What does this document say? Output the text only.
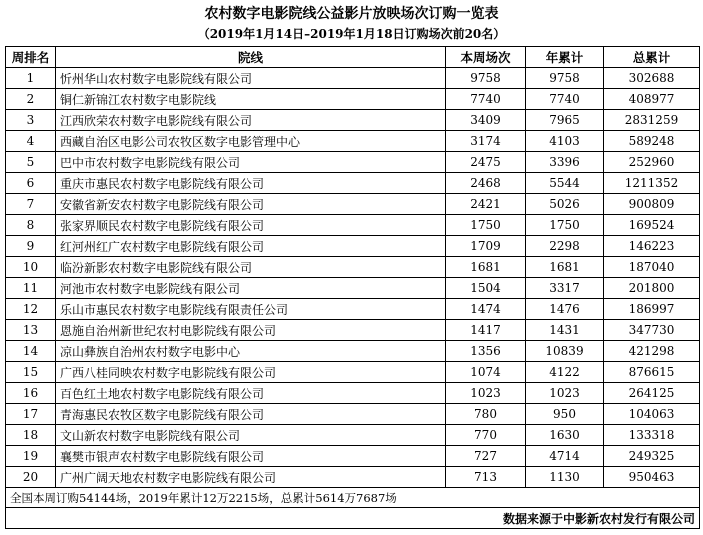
农村数字电影院线公益影片放映场次订购一览表
（2019年1月14日–2019年1月18日订购场次前20名）
周排名	院线	本周场次	年累计	总累计
1	忻州华山农村数字电影院线有限公司	9758	9758	302688
2	铜仁新锦江农村数字电影院线	7740	7740	408977
3	江西欣荣农村数字电影院线有限公司	3409	7965	2831259
4	西藏自治区电影公司农牧区数字电影管理中心	3174	4103	589248
5	巴中市农村数字电影院线有限公司	2475	3396	252960
6	重庆市惠民农村数字电影院线有限公司	2468	5544	1211352
7	安徽省新安农村数字电影院线有限公司	2421	5026	900809
8	张家界顺民农村数字电影院线有限公司	1750	1750	169524
9	红河州红广农村数字电影院线有限公司	1709	2298	146223
10	临汾新影农村数字电影院线有限公司	1681	1681	187040
11	河池市农村数字电影院线有限公司	1504	3317	201800
12	乐山市惠民农村数字电影院线有限责任公司	1474	1476	186997
13	恩施自治州新世纪农村电影院线有限公司	1417	1431	347730
14	凉山彝族自治州农村数字电影中心	1356	10839	421298
15	广西八桂同映农村数字电影院线有限公司	1074	4122	876615
16	百色红土地农村数字电影院线有限公司	1023	1023	264125
17	青海惠民农牧区数字电影院线有限公司	780	950	104063
18	文山新农村数字电影院线有限公司	770	1630	133318
19	襄樊市银声农村数字电影院线有限公司	727	4714	249325
20	广州广阔天地农村数字电影院线有限公司	713	1130	950463
全国本周订购54144场，2019年累计12万2215场，总累计5614万7687场				
数据来源于中影新农村发行有限公司				
